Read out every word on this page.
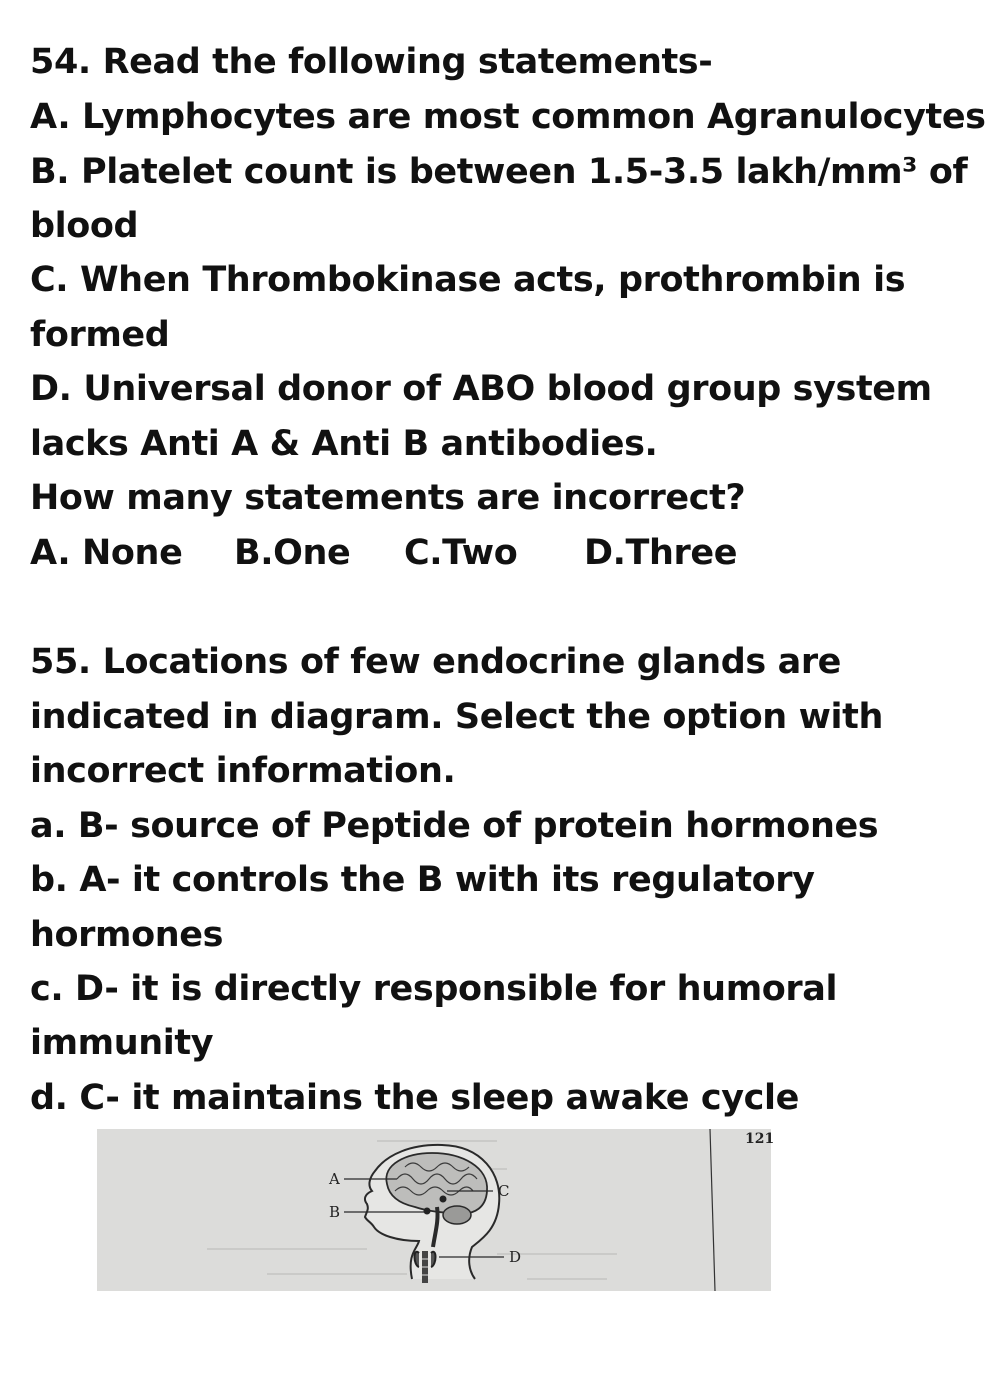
54. Read the following statements-
A. Lymphocytes are most common Agranulocytes
B. Platelet count is between 1.5-3.5 lakh/mm³ of
blood
C. When Thrombokinase acts, prothrombin is
formed
D. Universal donor of ABO blood group system
lacks Anti A & Anti B antibodies.
How many statements are incorrect?
A. None B.One C.Two D.Three
55. Locations of few endocrine glands are
indicated in diagram. Select the option with
incorrect information.
a. B- source of Peptide of protein hormones
b. A- it controls the B with its regulatory
hormones
c. D- it is directly responsible for humoral
immunity
d. C- it maintains the sleep awake cycle
121
A
B
C
D
